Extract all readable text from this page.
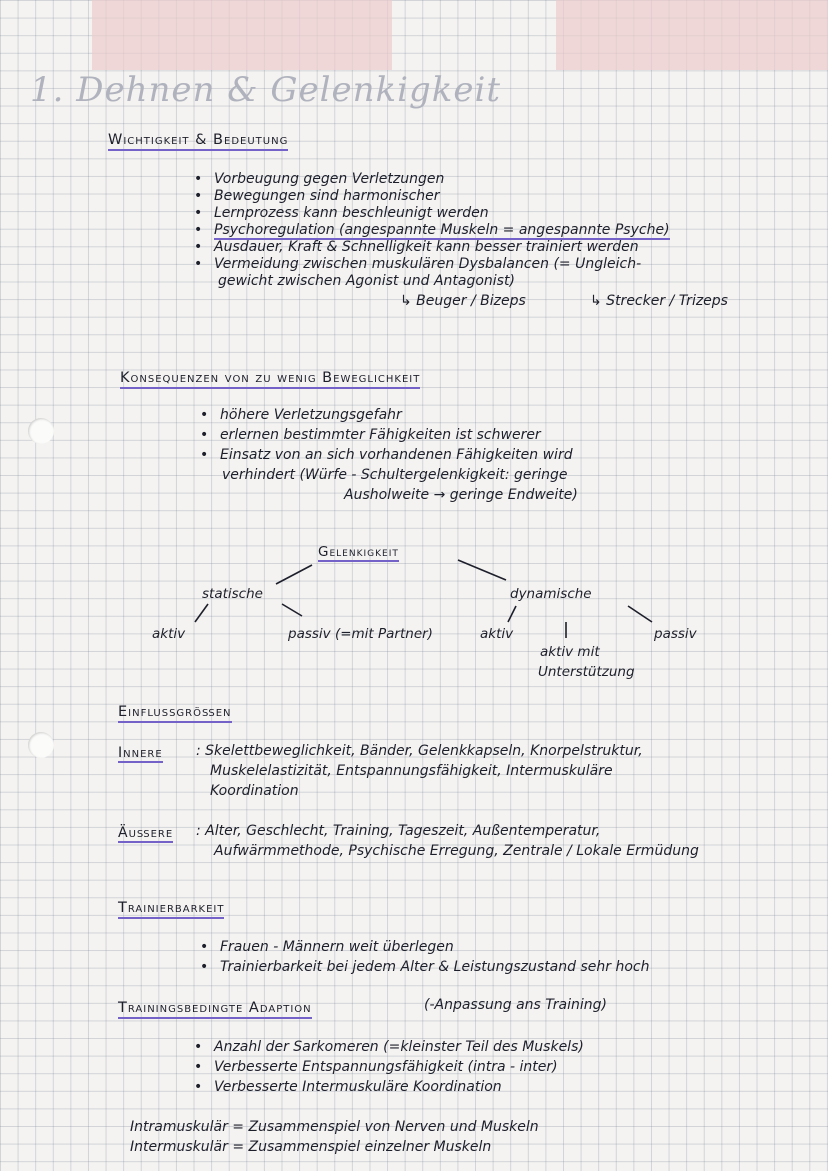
1. Dehnen & Gelenkigkeit
Wichtigkeit & Bedeutung
• Vorbeugung gegen Verletzungen
• Bewegungen sind harmonischer
• Lernprozess kann beschleunigt werden
• Psychoregulation (angespannte Muskeln = angespannte Psyche)
• Ausdauer, Kraft & Schnelligkeit kann besser trainiert werden
• Vermeidung zwischen muskulären Dysbalancen (= Ungleich-
gewicht zwischen Agonist und Antagonist)
↳ Beuger / Bizeps	↳ Strecker / Trizeps
Konsequenzen von zu wenig Beweglichkeit
• höhere Verletzungsgefahr
• erlernen bestimmter Fähigkeiten ist schwerer
• Einsatz von an sich vorhandenen Fähigkeiten wird
verhindert (Würfe - Schultergelenkigkeit: geringe
Ausholweite → geringe Endweite)
Gelenkigkeit
statische	dynamische
aktiv	passiv (=mit Partner)	aktiv
aktiv mit
Unterstützung
passiv
Einflussgrößen
Innere : Skelettbeweglichkeit, Bänder, Gelenkkapseln, Knorpelstruktur,
Muskelelastizität, Entspannungsfähigkeit, Intermuskuläre
Koordination
Äußere : Alter, Geschlecht, Training, Tageszeit, Außentemperatur,
Aufwärmmethode, Psychische Erregung, Zentrale / Lokale Ermüdung
Trainierbarkeit
• Frauen - Männern weit überlegen
• Trainierbarkeit bei jedem Alter & Leistungszustand sehr hoch
Trainingsbedingte Adaption	(-Anpassung ans Training)
• Anzahl der Sarkomeren (=kleinster Teil des Muskels)
• Verbesserte Entspannungsfähigkeit (intra - inter)
• Verbesserte Intermuskuläre Koordination
Intramuskulär = Zusammenspiel von Nerven und Muskeln
Intermuskulär = Zusammenspiel einzelner Muskeln
